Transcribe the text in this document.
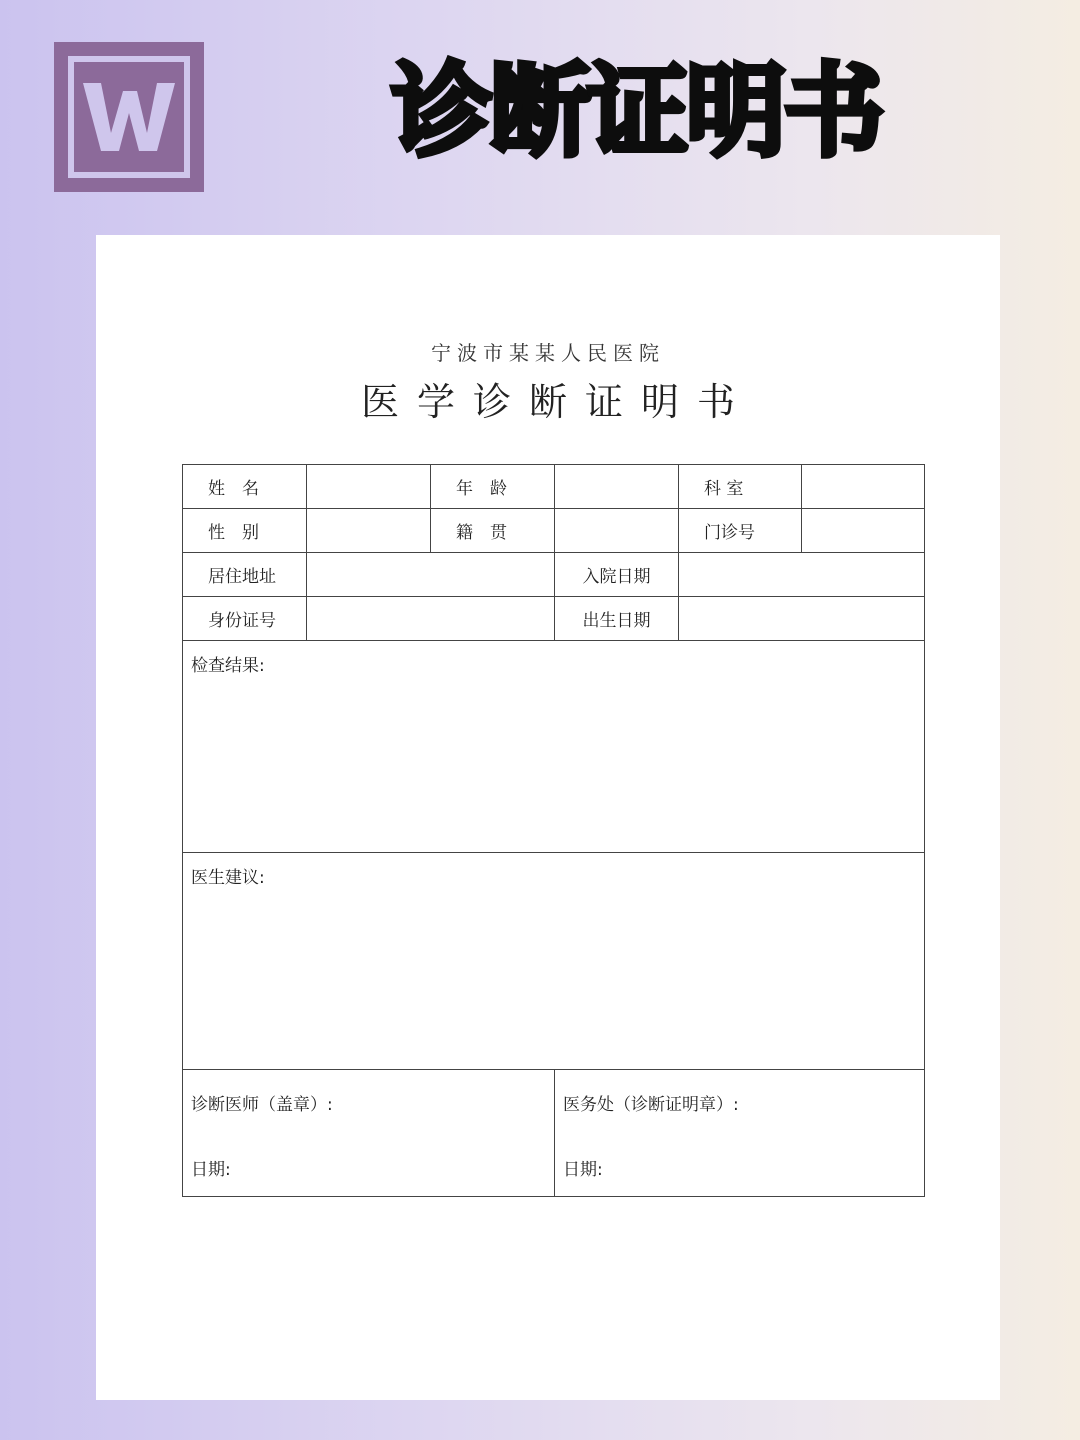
诊断证明书
宁波市某某人民医院
医学诊断证明书
姓　名	年　龄	科 室
性　别	籍　贯	门诊号
居住地址	入院日期
身份证号	出生日期
检查结果:
医生建议:
诊断医师（盖章）:
日期:
医务处（诊断证明章）:
日期:
